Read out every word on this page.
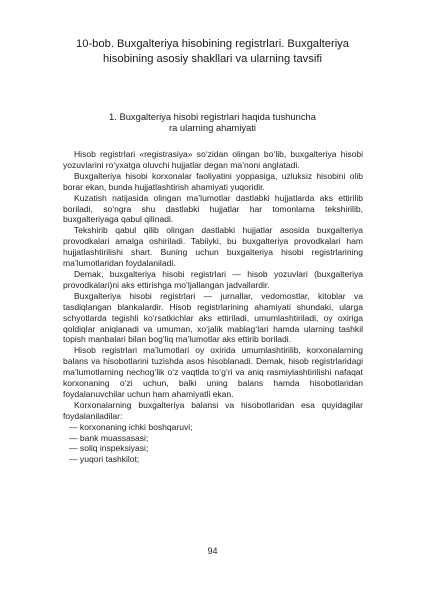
10-bob. Buxgalteriya hisobining registrlari. Buxgalteriya
hisobining asosiy shakllari va ularning tavsifi
1. Buxgalteriya hisobi registrlari haqida tushuncha
ra ularning ahamiyati

Hisob registrlari «registrasiya» so‘zidan olingan bo‘lib, buxgalteriya hisobi yozuvlarini ro‘yxatga oluvchi hujjatlar degan ma’noni anglatadi.

Buxgalteriya hisobi korxonalar faoliyatini yoppasiga, uzluksiz hisobini olib borar ekan, bunda hujjatlashtirish ahamiyati yuqoridir.

Kuzatish natijasida olingan ma’lumotlar dastlabki hujjatlarda aks ettirilib boriladi, so‘ngra shu dastlabki hujjatlar har tomonlama tekshirilib, buxgalteriyaga qabul qilinadi.

Tekshirib qabul qilib olingan dastlabki hujjatlar asosida buxgalteriya provodkalari amalga oshiriladi. Tabiiyki, bu buxgalteriya provodkalari ham hujjatlashtirilishi shart. Buning uchun buxgalteriya hisobi registrlarining ma’lumotlaridan foydalaniladi.

Demak, buxgalteriya hisobi registrlari — hisob yozuvlari (buxgalteriya provodkalari)ni aks ettirishga mo‘ljallangan jadvallardir.

Buxgalteriya hisobi registrlari — jurnallar, vedomostlar, kitoblar va tasdiqlangan blankalardir. Hisob registrlarining ahamiyati shundaki, ularga schyotlarda tegishli ko‘rsatkichlar aks ettiriladi, umumlashtiriladi, oy oxiriga qoldiqlar aniqlanadi va umuman, xo‘jalik mablag‘lari hamda ularning tashkil topish manbalari bilan bog‘liq ma’lumotlar aks ettirib boriladi.

Hisob registrlari ma’lumotlari oy oxirida umumlashtirilib, korxonalarning balans va hisobotlarini tuzishda asos hisoblanadi. Demak, hisob registrlaridagi ma’lumotlarning nechog‘lik o‘z vaqtida to‘g‘ri va aniq rasmiylashtirilishi nafaqat korxonaning o‘zi uchun, balki uning balans hamda hisobotlaridan foydalanuvchilar uchun ham ahamiyatli ekan.

Korxonalarning buxgalteriya balansi va hisobotlaridan esa quyidagilar foydalaniladilar:

— korxonaning ichki boshqaruvi;

— bank muassasasi;

— soliq inspeksiyasi;

— yuqori tashkilot;

94
